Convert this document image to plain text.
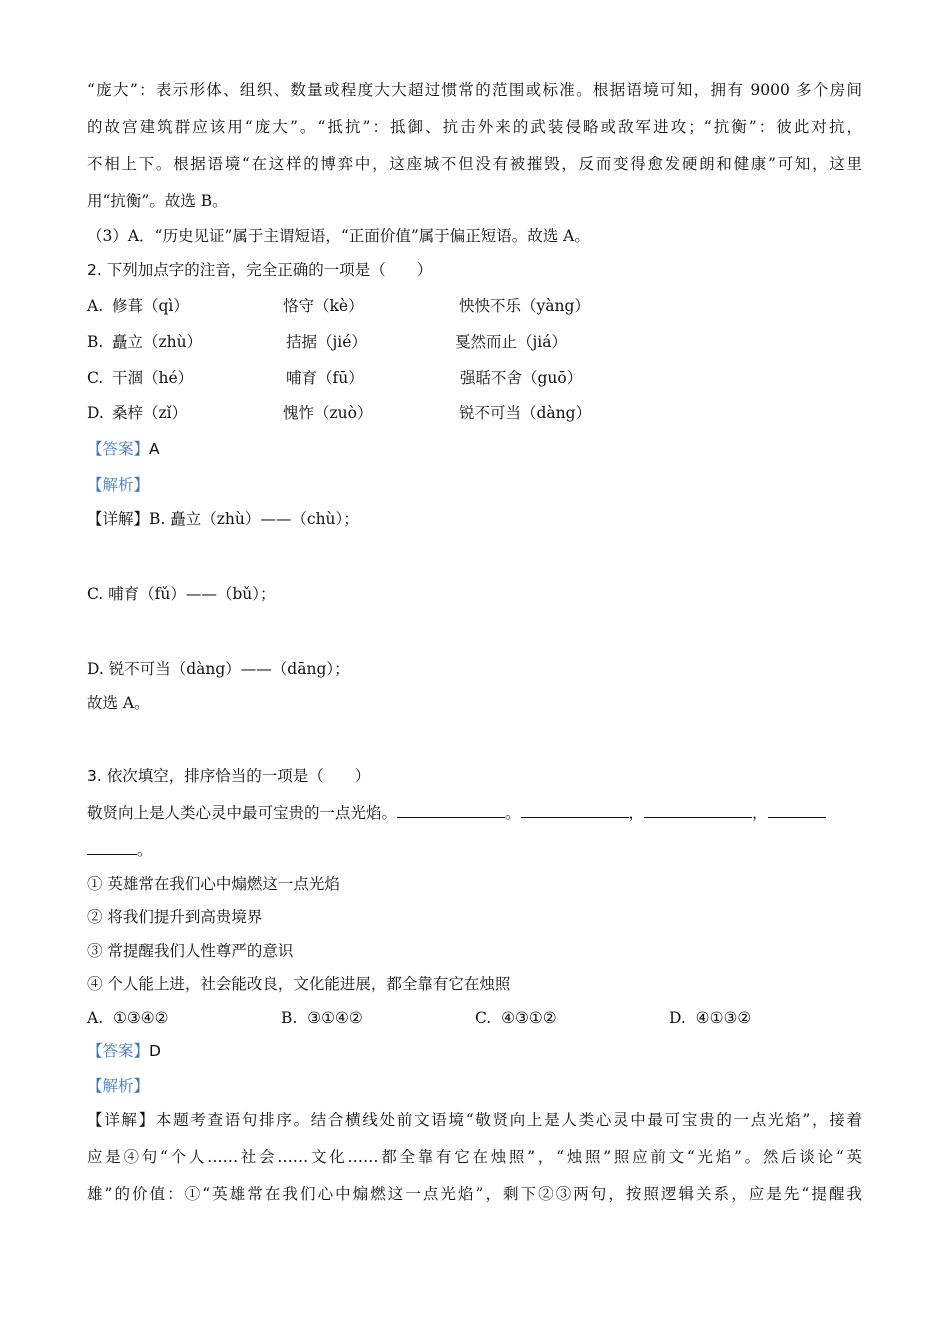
“庞大”：表示形体、组织、数量或程度大大超过惯常的范围或标准。根据语境可知，拥有 9000 多个房间
的故宫建筑群应该用“庞大”。“抵抗”：抵御、抗击外来的武装侵略或敌军进攻；“抗衡”：彼此对抗，
不相上下。根据语境“在这样的博弈中，这座城不但没有被摧毁，反而变得愈发硬朗和健康”可知，这里
用“抗衡”。故选 B。
（3）A．“历史见证”属于主谓短语，“正面价值”属于偏正短语。故选 A。
2. 下列加点字的注音，完全正确的一项是（　　）
A. 修葺（qì）	恪守（kè）	怏怏不乐（yàng）
B. 矗立（zhù）	拮据（jié）	戛然而止（jiá）
C. 干涸（hé）	哺育（fū）	强聒不舍（guō）
D. 桑梓（zǐ）	愧怍（zuò）	锐不可当（dàng）
【答案】A
【解析】
【详解】B. 矗立（zhù）——（chù）；
C. 哺育（fǔ）——（bǔ）；
D. 锐不可当（dàng）——（dāng）；
故选 A。
3. 依次填空，排序恰当的一项是（　　）
敬贤向上是人类心灵中最可宝贵的一点光焰。	。	，	，
。
① 英雄常在我们心中煽燃这一点光焰
② 将我们提升到高贵境界
③ 常提醒我们人性尊严的意识
④ 个人能上进，社会能改良，文化能进展，都全靠有它在烛照
A. ①③④②	B. ③①④②	C. ④③①②	D. ④①③②
【答案】D
【解析】
【详解】本题考查语句排序。结合横线处前文语境“敬贤向上是人类心灵中最可宝贵的一点光焰”，接着
应是④句“个人……社会……文化……都全靠有它在烛照”，“烛照”照应前文“光焰”。然后谈论“英
雄”的价值：①“英雄常在我们心中煽燃这一点光焰”，剩下②③两句，按照逻辑关系，应是先“提醒我
